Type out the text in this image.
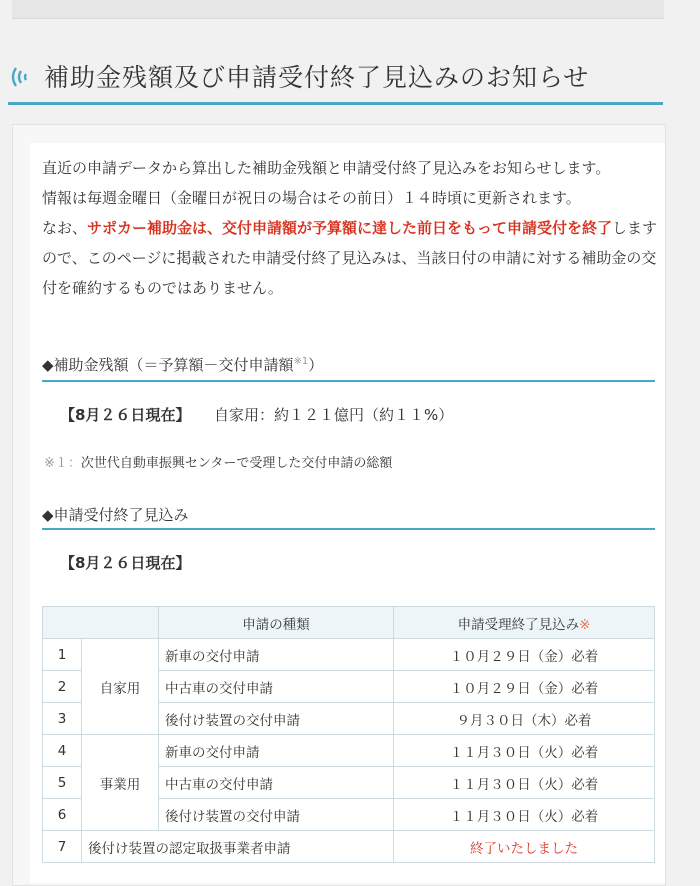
補助金残額及び申請受付終了見込みのお知らせ

直近の申請データから算出した補助金残額と申請受付終了見込みをお知らせします。

情報は毎週金曜日（金曜日が祝日の場合はその前日）１４時頃に更新されます。

なお、サポカー補助金は、交付申請額が予算額に達した前日をもって申請受付を終了しますので、このページに掲載された申請受付終了見込みは、当該日付の申請に対する補助金の交付を確約するものではありません。

◆補助金残額（＝予算額－交付申請額$^{※1}$）
【8月２６日現在】 自家用：約１２１億円（約１１%）
※１：次世代自動車振興センターで受理した交付申請の総額
◆申請受付終了見込み
【8月２６日現在】
		申請の種類	申請受理終了見込み※
1	自家用	新車の交付申請	１０月２９日（金）必着
2		中古車の交付申請	１０月２９日（金）必着
3		後付け装置の交付申請	９月３０日（木）必着
4	事業用	新車の交付申請	１１月３０日（火）必着
5		中古車の交付申請	１１月３０日（火）必着
6		後付け装置の交付申請	１１月３０日（火）必着
7	後付け装置の認定取扱事業者申請		終了いたしました
